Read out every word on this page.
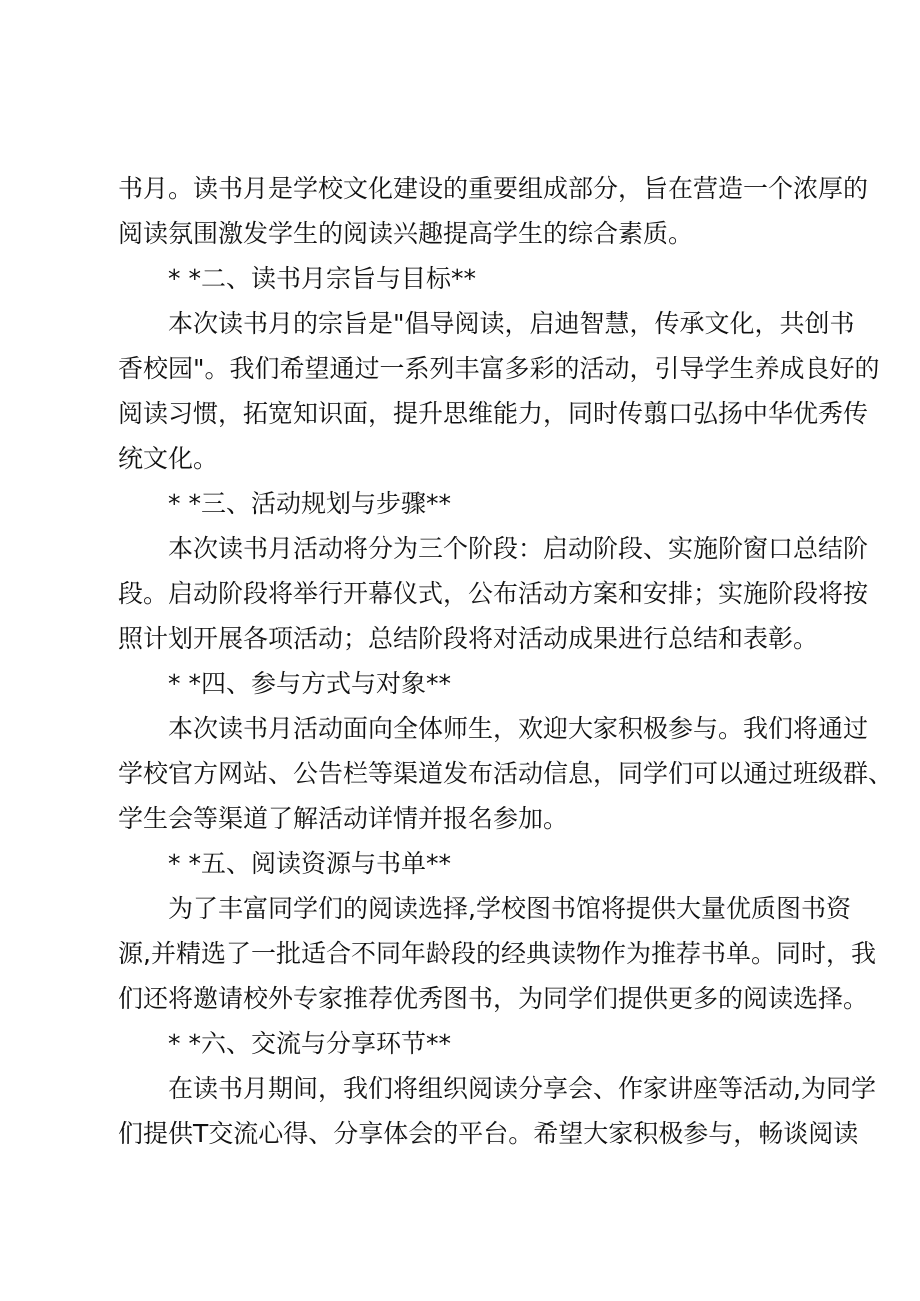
书月。读书月是学校文化建设的重要组成部分，旨在营造一个浓厚的
阅读氛围激发学生的阅读兴趣提高学生的综合素质。
* *二、读书月宗旨与目标**
本次读书月的宗旨是"倡导阅读，启迪智慧，传承文化，共创书
香校园"。我们希望通过一系列丰富多彩的活动，引导学生养成良好的
阅读习惯，拓宽知识面，提升思维能力，同时传翦口弘扬中华优秀传
统文化。
* *三、活动规划与步骤**
本次读书月活动将分为三个阶段：启动阶段、实施阶窗口总结阶
段。启动阶段将举行开幕仪式，公布活动方案和安排；实施阶段将按
照计划开展各项活动；总结阶段将对活动成果进行总结和表彰。
* *四、参与方式与对象**
本次读书月活动面向全体师生，欢迎大家积极参与。我们将通过
学校官方网站、公告栏等渠道发布活动信息，同学们可以通过班级群、
学生会等渠道了解活动详情并报名参加。
* *五、阅读资源与书单**
为了丰富同学们的阅读选择,学校图书馆将提供大量优质图书资
源,并精选了一批适合不同年龄段的经典读物作为推荐书单。同时，我
们还将邀请校外专家推荐优秀图书，为同学们提供更多的阅读选择。
* *六、交流与分享环节**
在读书月期间，我们将组织阅读分享会、作家讲座等活动,为同学
们提供T交流心得、分享体会的平台。希望大家积极参与，畅谈阅读
